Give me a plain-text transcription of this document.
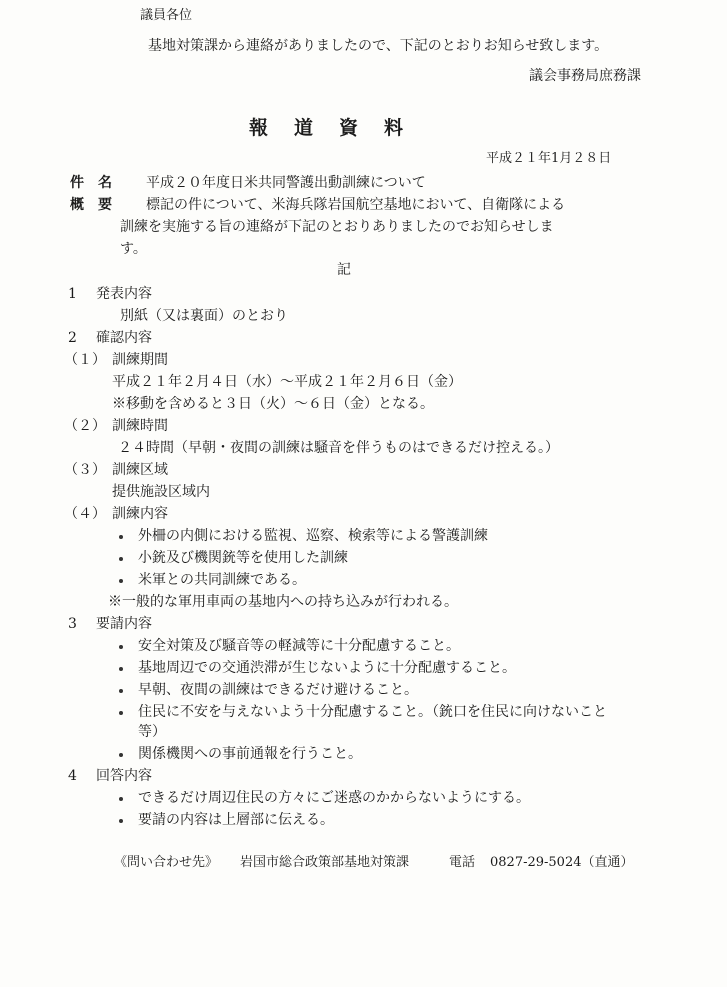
議員各位
基地対策課から連絡がありましたので、下記のとおりお知らせ致します。
議会事務局庶務課
報道資料
平成２１年1月２８日
件　名 平成２０年度日米共同警護出動訓練について
概　要 標記の件について、米海兵隊岩国航空基地において、自衛隊による
訓練を実施する旨の連絡が下記のとおりありましたのでお知らせしま
す。
記
1 発表内容
別紙（又は裏面）のとおり
2 確認内容
（１） 訓練期間
平成２１年２月４日（水）～平成２１年２月６日（金）
※移動を含めると３日（火）～６日（金）となる。
（２） 訓練時間
２４時間（早朝・夜間の訓練は騒音を伴うものはできるだけ控える。）
（３） 訓練区域
提供施設区域内
（４） 訓練内容
外柵の内側における監視、巡察、検索等による警護訓練
小銃及び機関銃等を使用した訓練
米軍との共同訓練である。
※一般的な軍用車両の基地内への持ち込みが行われる。
3 要請内容
安全対策及び騒音等の軽減等に十分配慮すること。
基地周辺での交通渋滞が生じないように十分配慮すること。
早朝、夜間の訓練はできるだけ避けること。
住民に不安を与えないよう十分配慮すること。（銃口を住民に向けないこと
等）
関係機関への事前通報を行うこと。
4 回答内容
できるだけ周辺住民の方々にご迷惑のかからないようにする。
要請の内容は上層部に伝える。
《問い合わせ先》 岩国市総合政策部基地対策課	電話 0827-29-5024（直通）
